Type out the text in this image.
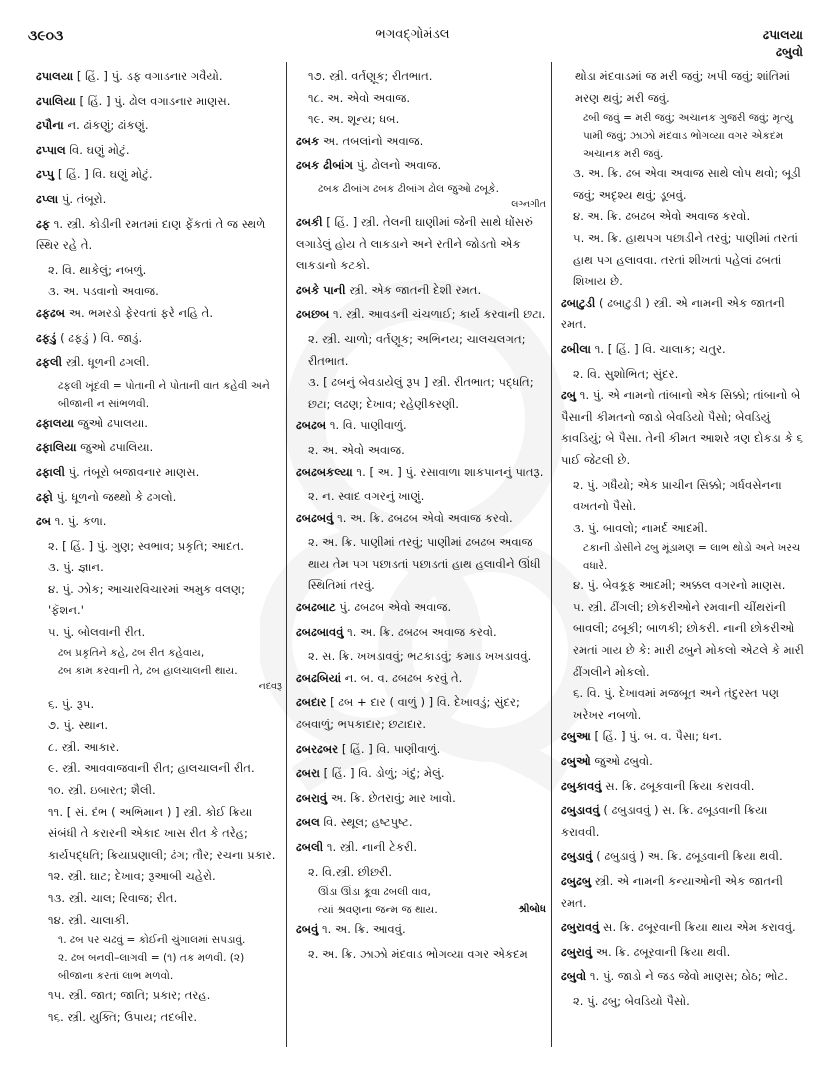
૩૯૦૩	ભગવદ્ગોમંડલ	ઢપાલયા
ઢબુવો
ઢપાલયા [ હિં. ] પું. ડફ વગાડનાર ગવૈયો.
ઢપાલિયા [ હિં. ] પું. ઢોલ વગાડનાર માણસ.
ઢપૌના ન. ઢાંકણું; ઢાંકણું.
ઢપ્પાલ વિ. ઘણું મોટું.
ઢપ્પુ [ હિં. ] વિ. ઘણું મોટું.
ઢપ્લા પું. તંબૂરો.
ઢફ ૧. સ્ત્રી. કોડીની રમતમાં દાણ ફેંકતાં તે જ સ્થળે સ્થિર રહે તે.
૨. વિ. થાકેલું; નબળું.
૩. અ. પડવાનો અવાજ.
ઢફઢબ અ. ભમરડો ફેરવતાં ફરે નહિ તે.
ઢફડું ( ઢફડું ) વિ. જાડું.
ઢફલી સ્ત્રી. ધૂળની ઢગલી.
ઢફલી ખૂંદવી = પોતાની ને પોતાની વાત કહેવી અને બીજાની ન સાંભળવી.
ઢફાલયા જુઓ ઢપાલયા.
ઢફાલિયા જુઓ ઢપાલિયા.
ઢફાલી પું. તંબૂરો બજાવનાર માણસ.
ઢફો પું. ધૂળનો જથ્થો કે ઢગલો.
ઢબ ૧. પું. કળા.
૨. [ હિં. ] પું. ગુણ; સ્વભાવ; પ્રકૃતિ; આદત.
૩. પું. જ્ઞાન.
૪. પું. ઝોક; આચારવિચારમાં અમુક વલણ; 'ફૅશન.'
૫. પું. બોલવાની રીત.
ઢબ પ્રકૃતિને કહે, ઢબ રીત કહેવાય,
ઢબ કામ કરવાની તે, ઢબ હાલચાલની થાય.
નદવરૂ
૬. પું. રૂપ.
૭. પું. સ્થાન.
૮. સ્ત્રી. આકાર.
૯. સ્ત્રી. આવવાજવાની રીત; હાલચાલની રીત.
૧૦. સ્ત્રી. ઇબારત; શૈલી.
૧૧. [ સં. દંભ ( અભિમાન ) ] સ્ત્રી. કોઈ ક્રિયા સંબંધી તે કરારની એકાદ ખાસ રીત કે તરેહ; કાર્યપદ્ધતિ; ક્રિયાપ્રણાલી; ઢંગ; તૌર; રચના પ્રકાર.
૧૨. સ્ત્રી. ઘાટ; દેખાવ; રૂઆબી ચહેરો.
૧૩. સ્ત્રી. ચાલ; રિવાજ; રીત.
૧૪. સ્ત્રી. ચાલાકી.
૧. ઢબ પર ચઢવું = કોઈની ચુંગાલમાં સપડાવું.
૨. ઢબ બનવી–લાગવી = (૧) તક મળવી. (૨) બીજાના કરતાં લાભ મળવો.
૧૫. સ્ત્રી. જાત; જાતિ; પ્રકાર; તરહ.
૧૬. સ્ત્રી. યુક્તિ; ઉપાય; તદબીર.
૧૭. સ્ત્રી. વર્તણૂક; રીતભાત.
૧૮. અ. એવો અવાજ.
૧૯. અ. શૂન્ય; ધબ.
ઢબક અ. તબલાંનો અવાજ.
ઢબક ઢીબાંગ પું. ઢોલનો અવાજ.
ઢબક ઢીબાંગ ઢબક ઢીબાંગ ઢોલ જુઓ ઢબૂકે.
લગ્નગીત
ઢબકી [ હિં. ] સ્ત્રી. તેલની ઘાણીમાં જેની સાથે ધોંસરું લગાડેલું હોય તે લાકડાને અને રતીને જોડતો એક લાકડાનો કટકો.
ઢબકે પાની સ્ત્રી. એક જાતની દેશી રમત.
ઢબછબ ૧. સ્ત્રી. આવડની ચંચળાઈ; કાર્ય કરવાની છટા.
૨. સ્ત્રી. ચાળો; વર્તણૂક; અભિનય; ચાલચલગત; રીતભાત.
૩. [ ઢબનું બેવડાયેલું રૂપ ] સ્ત્રી. રીતભાત; પદ્ધતિ; છટા; લઢણ; દેખાવ; રહેણીકરણી.
ઢબઢબ ૧. વિ. પાણીવાળું.
૨. અ. એવો અવાજ.
ઢબઢબકલ્યા ૧. [ અ. ] પું. રસાવાળા શાકપાનનું પાતરૂ.
૨. ન. સ્વાદ વગરનું ખાણું.
ઢબઢબવું ૧. અ. ક્રિ. ઢબઢબ એવો અવાજ કરવો.
૨. અ. ક્રિ. પાણીમાં તરવું; પાણીમાં ઢબઢબ અવાજ થાય તેમ પગ પછાડતાં પછાડતાં હાથ હલાવીને ઊંધી સ્થિતિમાં તરવું.
ઢબઢબાટ પું. ઢબઢબ એવો અવાજ.
ઢબઢબાવવું ૧. અ. ક્રિ. ઢબઢબ અવાજ કરવો.
૨. સ. ક્રિ. ખખડાવવું; ભટકાડવું; કમાડ ખખડાવવું.
ઢબઢબિયાં ન. બ. વ. ઢબઢબ કરવું તે.
ઢબદાર [ ઢબ + દાર ( વાળું ) ] વિ. દેખાવડું; સુંદર; ઢબવાળું; ભપકાદાર; છટાદાર.
ઢબરઢબર [ હિં. ] વિ. પાણીવાળું.
ઢબરા [ હિં. ] વિ. ડોળું; ગંદું; મેલું.
ઢબરાવું અ. ક્રિ. છેતરાવું; માર ખાવો.
ઢબલ વિ. સ્થૂલ; હષ્ટપુષ્ટ.
ઢબલી ૧. સ્ત્રી. નાની ટેકરી.
૨. વિ.સ્ત્રી. છીછરી.
ઊંડા ઊંડા કૂવા ઢબલી વાવ,
શ્રીબોધ
ત્યાં શ્રવણના જન્મ જ થાય.
ઢબવું ૧. અ. ક્રિ. આવવું.
૨. અ. ક્રિ. ઝાઝો મંદવાડ ભોગવ્યા વગર એકદમ
થોડા મંદવાડમાં જ મરી જવું; ખપી જવું; શાંતિમાં મરણ થવું; મરી જવું.
ઢબી જવું = મરી જવું; અચાનક ગુજરી જવું; મૃત્યુ પામી જવું; ઝાઝો મંદવાડ ભોગવ્યા વગર એકદમ અચાનક મરી જવું.
૩. અ. ક્રિ. ઢબ એવા અવાજ સાથે લોપ થવો; બૂડી જવું; અદૃશ્ય થવું; ડૂબવું.
૪. અ. ક્રિ. ઢબઢબ એવો અવાજ કરવો.
૫. અ. ક્રિ. હાથપગ પછાડીને તરવું; પાણીમાં તરતાં હાથ પગ હલાવવા. તરતાં શીખતાં પહેલાં ઢબતાં શિખાય છે.
ઢબાટુડી ( ઢબાટુડી ) સ્ત્રી. એ નામની એક જાતની રમત.
ઢબીલા ૧. [ હિં. ] વિ. ચાલાક; ચતુર.
૨. વિ. સુશોભિત; સુંદર.
ઢબુ ૧. પું. એ નામનો તાંબાનો એક સિક્કો; તાંબાનો બે પૈસાની કીમતનો જાડો બેવડિયો પૈસો; બેવડિયું કાવડિયું; બે પૈસા. તેની કીમત આશરે ત્રણ દોકડા કે ૬ પાઈ જેટલી છે.
૨. પું. ગધૈયો; એક પ્રાચીન સિક્કો; ગર્ધવસેનના વખતનો પૈસો.
૩. પું. બાવલો; નામર્દ આદમી.
ટકાની ડોસીને ઢબુ મૂંડામણ = લાભ થોડો અને ખરચ વધારે.
૪. પું. બેવકૂફ આદમી; અક્કલ વગરનો માણસ.
૫. સ્ત્રી. ઢીંગલી; છોકરીઓને રમવાની ચીંથરાંની બાવલી; ઢબૂકી; બાળકી; છોકરી. નાની છોકરીઓ રમતાં ગાય છે કે: મારી ઢબુને મોકલો એટલે કે મારી ઢીંગલીને મોકલો.
૬. વિ. પું. દેખાવમાં મજબૂત અને તંદુરસ્ત પણ ખરેખર નબળો.
ઢબુઆ [ હિં. ] પું. બ. વ. પૈસા; ધન.
ઢબુઓ જુઓ ઢબુવો.
ઢબુકાવવું સ. ક્રિ. ઢબૂકવાની ક્રિયા કરાવવી.
ઢબુડાવવું ( ઢબુડાવવું ) સ. ક્રિ. ઢબૂડવાની ક્રિયા કરાવવી.
ઢબુડાવું ( ઢબુડાવું ) અ. ક્રિ. ઢબૂડવાની ક્રિયા થવી.
ઢબુઢબુ સ્ત્રી. એ નામની કન્યાઓની એક જાતની રમત.
ઢબુરાવવું સ. ક્રિ. ઢબૂરવાની ક્રિયા થાય એમ કરાવવું.
ઢબુરાવું અ. ક્રિ. ઢબૂરવાની ક્રિયા થવી.
ઢબુવો ૧. પું. જાડો ને જડ જેવો માણસ; ઠોઠ; ભોટ.
૨. પું. ઢબુ; બેવડિયો પૈસો.
